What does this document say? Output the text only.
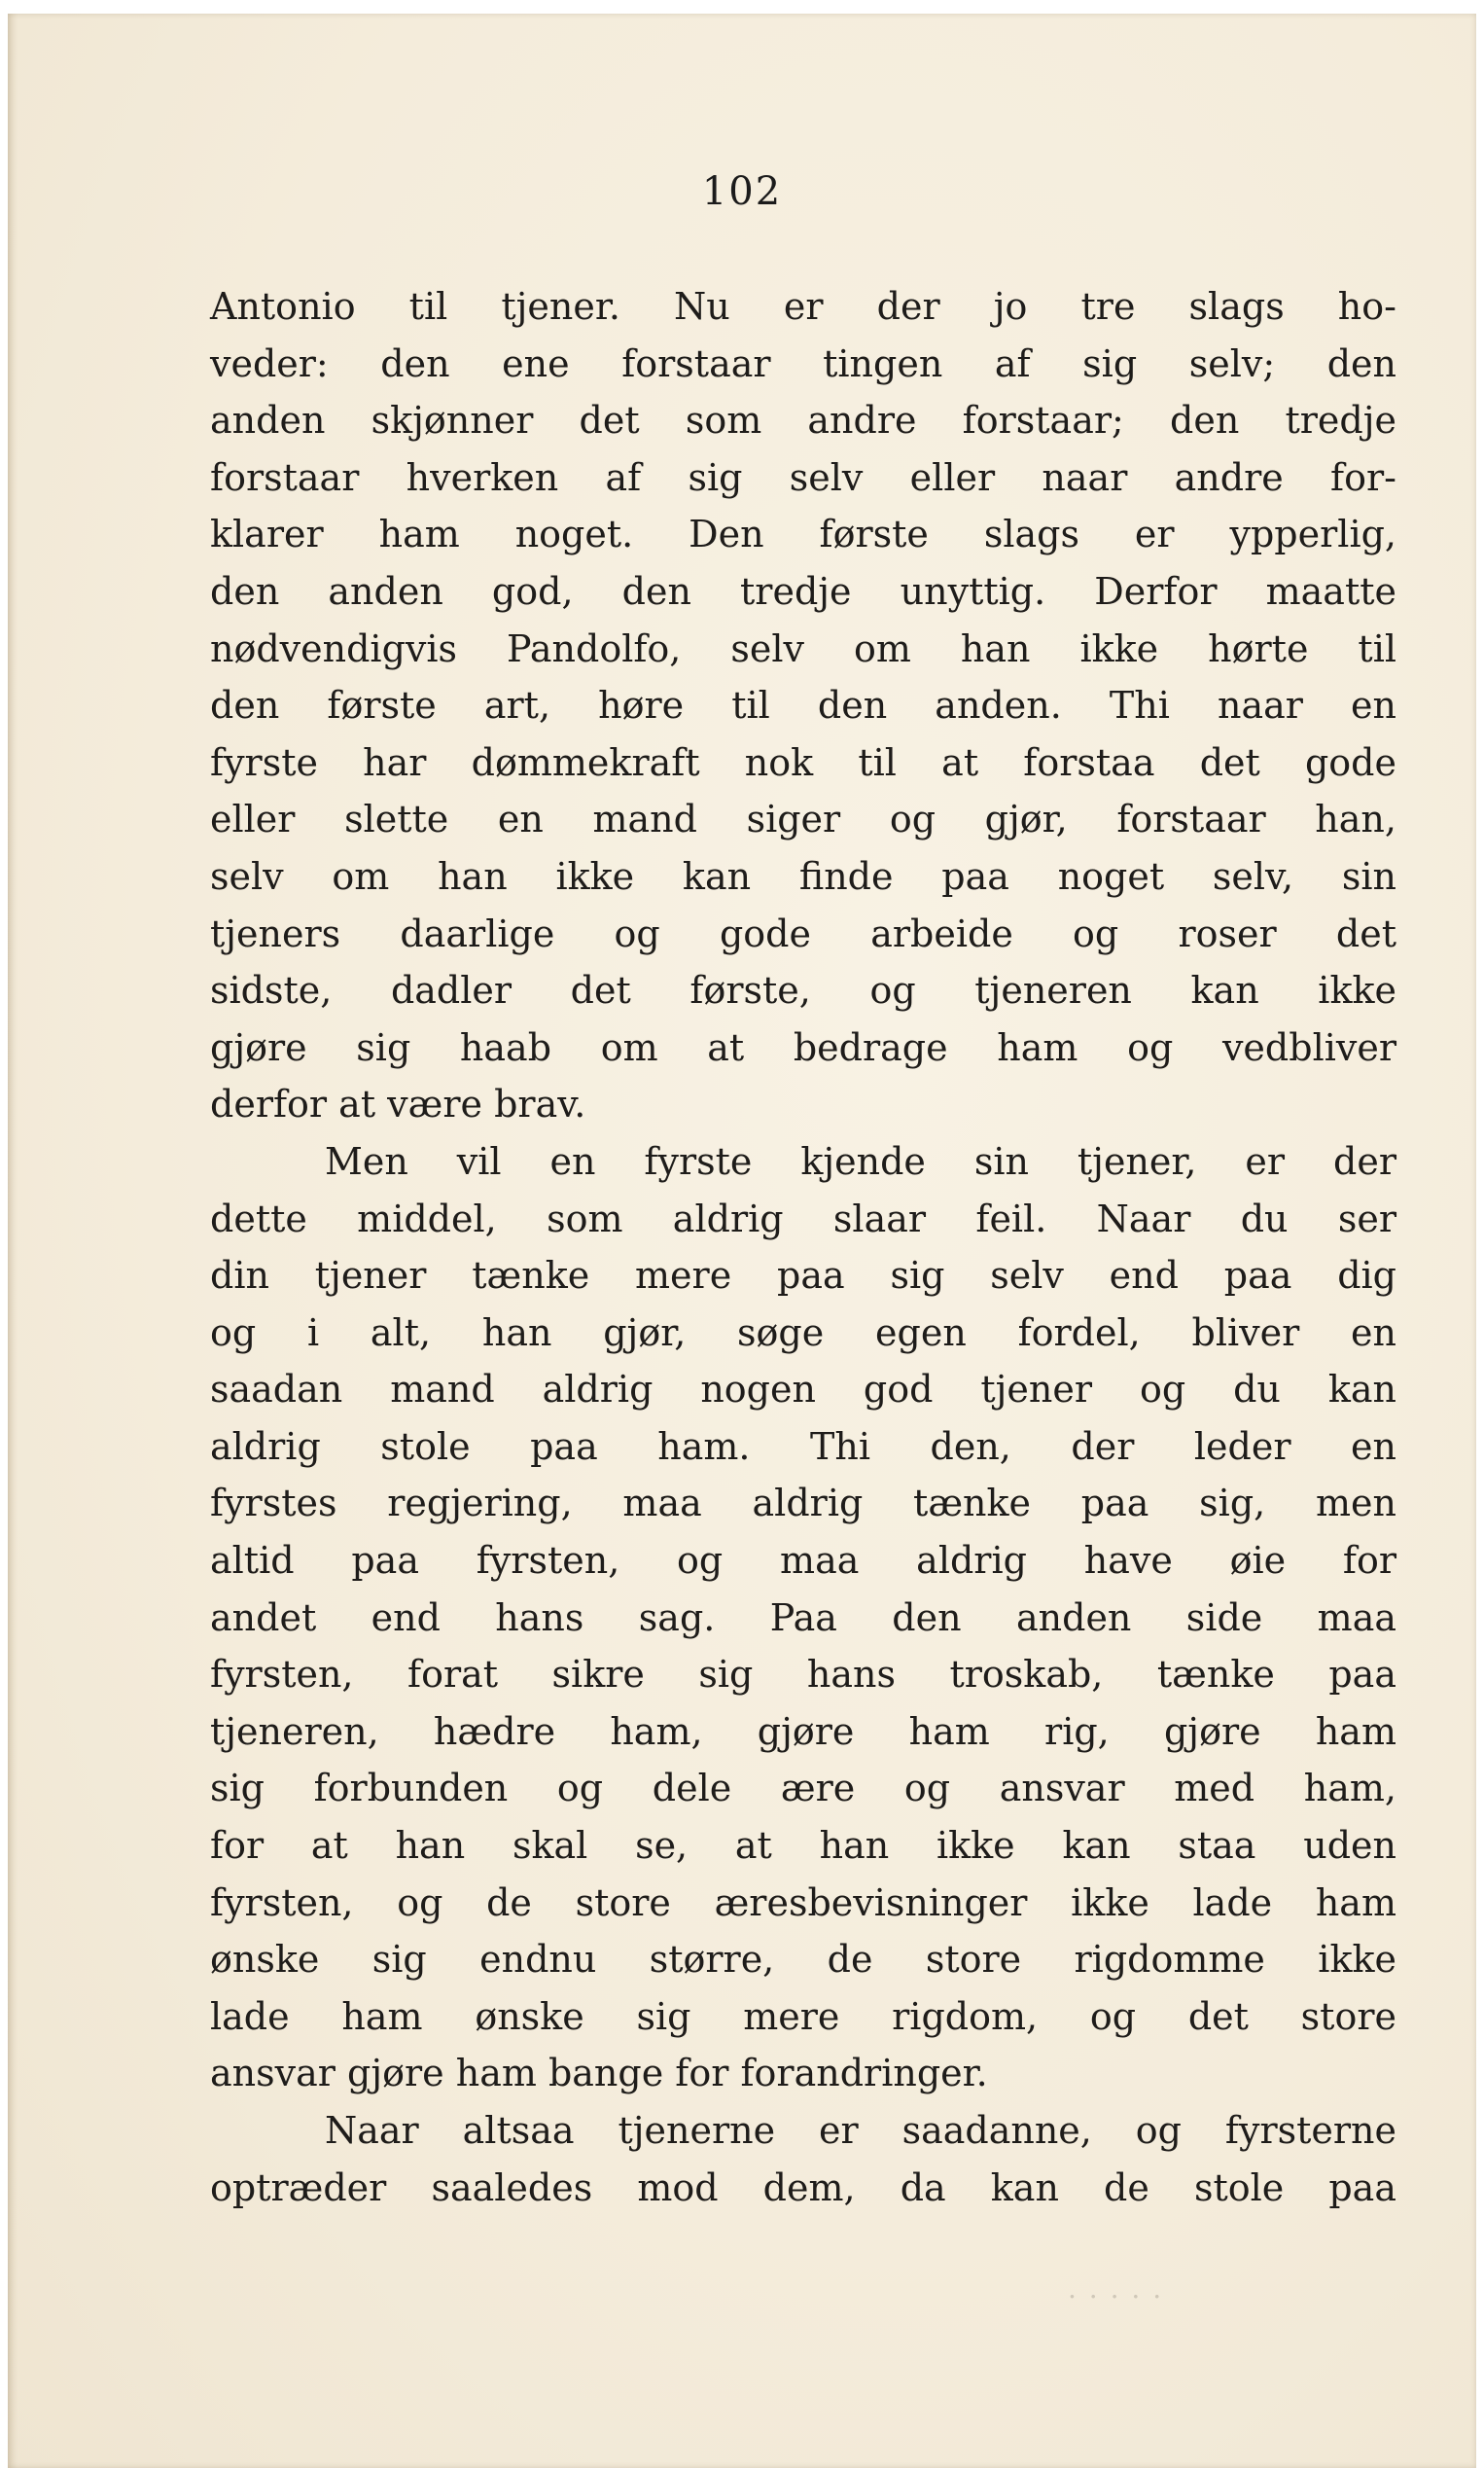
102
Antonio til tjener. Nu er der jo tre slags ho-
veder: den ene forstaar tingen af sig selv; den
anden skjønner det som andre forstaar; den tredje
forstaar hverken af sig selv eller naar andre for-
klarer ham noget. Den første slags er ypperlig,
den anden god, den tredje unyttig. Derfor maatte
nødvendigvis Pandolfo, selv om han ikke hørte til
den første art, høre til den anden. Thi naar en
fyrste har dømmekraft nok til at forstaa det gode
eller slette en mand siger og gjør, forstaar han,
selv om han ikke kan finde paa noget selv, sin
tjeners daarlige og gode arbeide og roser det
sidste, dadler det første, og tjeneren kan ikke
gjøre sig haab om at bedrage ham og vedbliver
derfor at være brav.
Men vil en fyrste kjende sin tjener, er der
dette middel, som aldrig slaar feil. Naar du ser
din tjener tænke mere paa sig selv end paa dig
og i alt, han gjør, søge egen fordel, bliver en
saadan mand aldrig nogen god tjener og du kan
aldrig stole paa ham. Thi den, der leder en
fyrstes regjering, maa aldrig tænke paa sig, men
altid paa fyrsten, og maa aldrig have øie for
andet end hans sag. Paa den anden side maa
fyrsten, forat sikre sig hans troskab, tænke paa
tjeneren, hædre ham, gjøre ham rig, gjøre ham
sig forbunden og dele ære og ansvar med ham,
for at han skal se, at han ikke kan staa uden
fyrsten, og de store æresbevisninger ikke lade ham
ønske sig endnu større, de store rigdomme ikke
lade ham ønske sig mere rigdom, og det store
ansvar gjøre ham bange for forandringer.
Naar altsaa tjenerne er saadanne, og fyrsterne
optræder saaledes mod dem, da kan de stole paa
. . . . .
